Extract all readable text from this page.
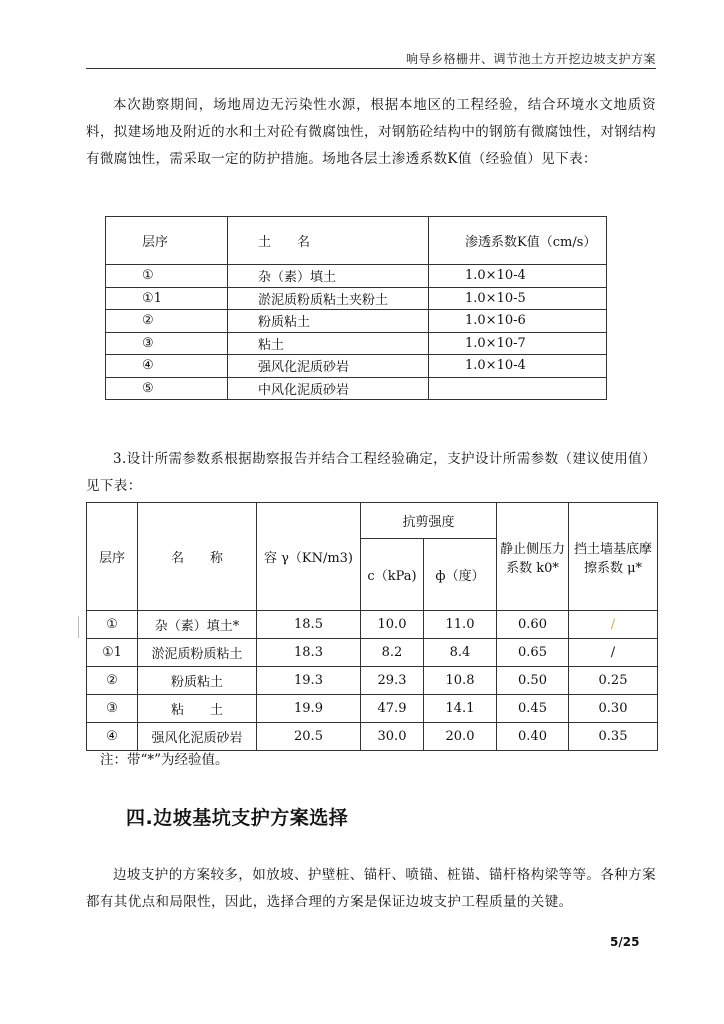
响导乡格栅井、调节池土方开挖边坡支护方案
本次勘察期间，场地周边无污染性水源，根据本地区的工程经验，结合环境水文地质资料，拟建场地及附近的水和土对砼有微腐蚀性，对钢筋砼结构中的钢筋有微腐蚀性，对钢结构有微腐蚀性，需采取一定的防护措施。场地各层土渗透系数K值（经验值）见下表：
层序	土　　名	渗透系数K值（cm/s）
①	杂（素）填土	1.0×10-4
①1	淤泥质粉质粘土夹粉土	1.0×10-5
②	粉质粘土	1.0×10-6
③	粘土	1.0×10-7
④	强风化泥质砂岩	1.0×10-4
⑤	中风化泥质砂岩	
3.设计所需参数系根据勘察报告并结合工程经验确定，支护设计所需参数（建议使用值）见下表：
层序	名　　称	容 γ（KN/m3)	抗剪强度		静止侧压力系数 k0*	挡土墙基底摩擦系数 μ*
			c（kPa)	ф（度）		
①	杂（素）填土*	18.5	10.0	11.0	0.60	/
①1	淤泥质粉质粘土	18.3	8.2	8.4	0.65	/
②	粉质粘土	19.3	29.3	10.8	0.50	0.25
③	粘　　土	19.9	47.9	14.1	0.45	0.30
④	强风化泥质砂岩	20.5	30.0	20.0	0.40	0.35
注：带“*”为经验值。
四.边坡基坑支护方案选择
边坡支护的方案较多，如放坡、护壁桩、锚杆、喷锚、桩锚、锚杆格构梁等等。各种方案都有其优点和局限性，因此，选择合理的方案是保证边坡支护工程质量的关键。
5/25
